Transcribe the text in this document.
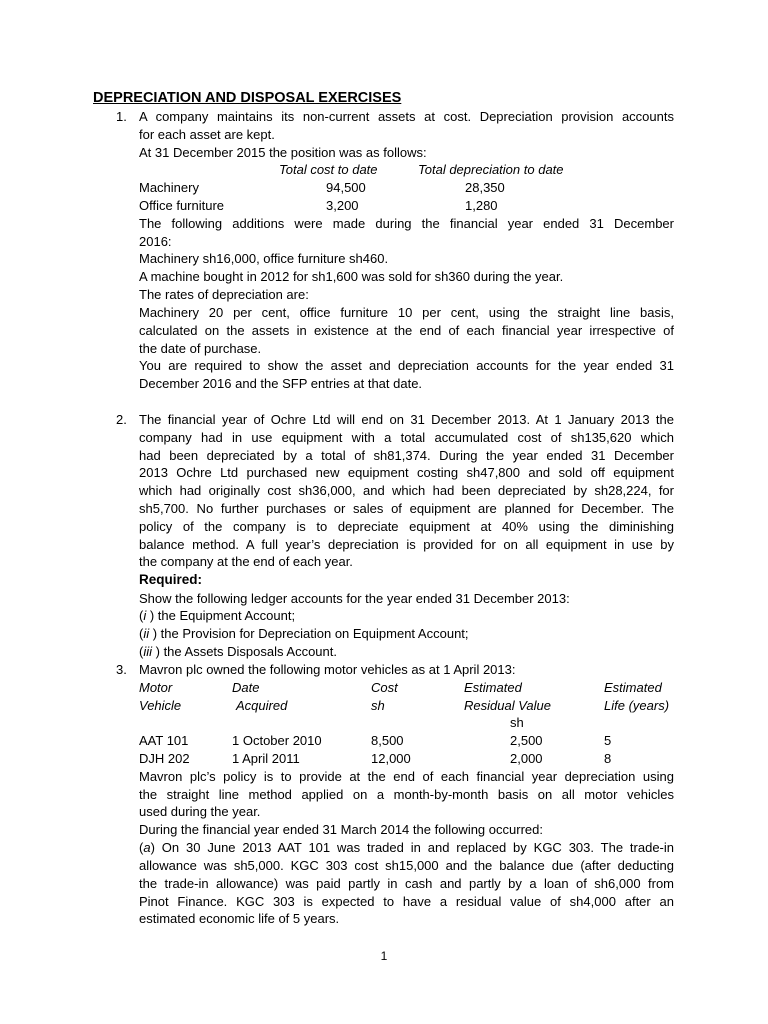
DEPRECIATION AND DISPOSAL EXERCISES
1. A company maintains its non-current assets at cost. Depreciation provision accounts
for each asset are kept.
At 31 December 2015 the position was as follows:
Total cost to date	Total depreciation to date
Machinery	94,500	28,350
Office furniture	3,200	1,280
The following additions were made during the financial year ended 31 December
2016:
Machinery sh16,000, office furniture sh460.
A machine bought in 2012 for sh1,600 was sold for sh360 during the year.
The rates of depreciation are:
Machinery 20 per cent, office furniture 10 per cent, using the straight line basis,
calculated on the assets in existence at the end of each financial year irrespective of
the date of purchase.
You are required to show the asset and depreciation accounts for the year ended 31
December 2016 and the SFP entries at that date.
2. The financial year of Ochre Ltd will end on 31 December 2013. At 1 January 2013 the
company had in use equipment with a total accumulated cost of sh135,620 which
had been depreciated by a total of sh81,374. During the year ended 31 December
2013 Ochre Ltd purchased new equipment costing sh47,800 and sold off equipment
which had originally cost sh36,000, and which had been depreciated by sh28,224, for
sh5,700. No further purchases or sales of equipment are planned for December. The
policy of the company is to depreciate equipment at 40% using the diminishing
balance method. A full year’s depreciation is provided for on all equipment in use by
the company at the end of each year.
Required:
Show the following ledger accounts for the year ended 31 December 2013:
(i ) the Equipment Account;
(ii ) the Provision for Depreciation on Equipment Account;
(iii ) the Assets Disposals Account.
3. Mavron plc owned the following motor vehicles as at 1 April 2013:
Motor	Date	Cost	Estimated	Estimated
Vehicle	Acquired	sh	Residual Value	Life (years)
sh
AAT 101	1 October 2010	8,500	2,500	5
DJH 202	1 April 2011	12,000	2,000	8
Mavron plc’s policy is to provide at the end of each financial year depreciation using
the straight line method applied on a month-by-month basis on all motor vehicles
used during the year.
During the financial year ended 31 March 2014 the following occurred:
(a) On 30 June 2013 AAT 101 was traded in and replaced by KGC 303. The trade-in
allowance was sh5,000. KGC 303 cost sh15,000 and the balance due (after deducting
the trade-in allowance) was paid partly in cash and partly by a loan of sh6,000 from
Pinot Finance. KGC 303 is expected to have a residual value of sh4,000 after an
estimated economic life of 5 years.
1
